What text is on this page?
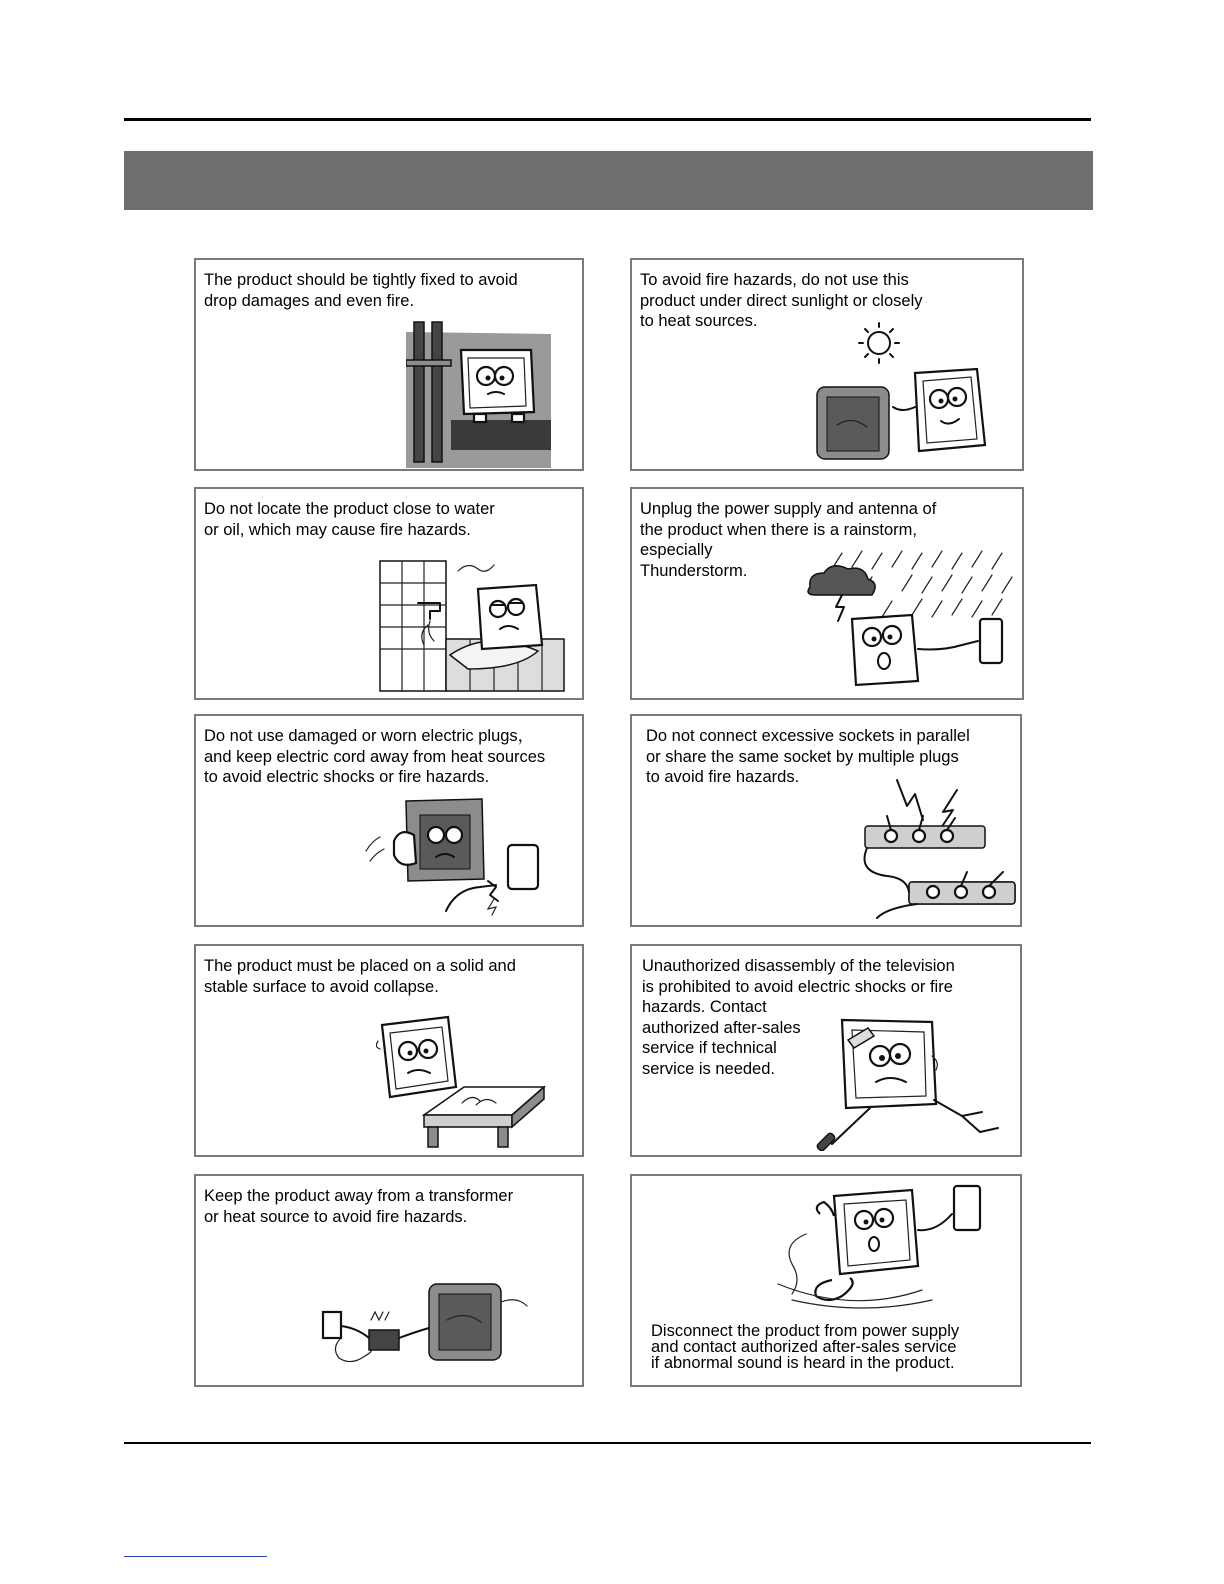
The product should be tightly fixed to avoid
drop damages and even fire.
To avoid fire hazards, do not use this
product under direct sunlight or closely
to heat sources.
Do not locate the product close to water
or oil, which may cause fire hazards.
Unplug the power supply and antenna of
the product when there is a rainstorm,
especially
Thunderstorm.
Do not use damaged or worn electric plugs，
and keep electric cord away from heat sources
to avoid electric shocks or fire hazards.
Do not connect excessive sockets in parallel
or share the same socket by multiple plugs
to avoid fire hazards.
The product must be placed on a solid and
stable surface to avoid collapse.
Unauthorized disassembly of the television
is prohibited to avoid electric shocks or fire
hazards. Contact
authorized after-sales
service if technical
service is needed.
Keep the product away from a transformer
or heat source to avoid fire hazards.
Disconnect the product from power supply
and contact authorized after-sales service
if abnormal sound is heard in the product.
